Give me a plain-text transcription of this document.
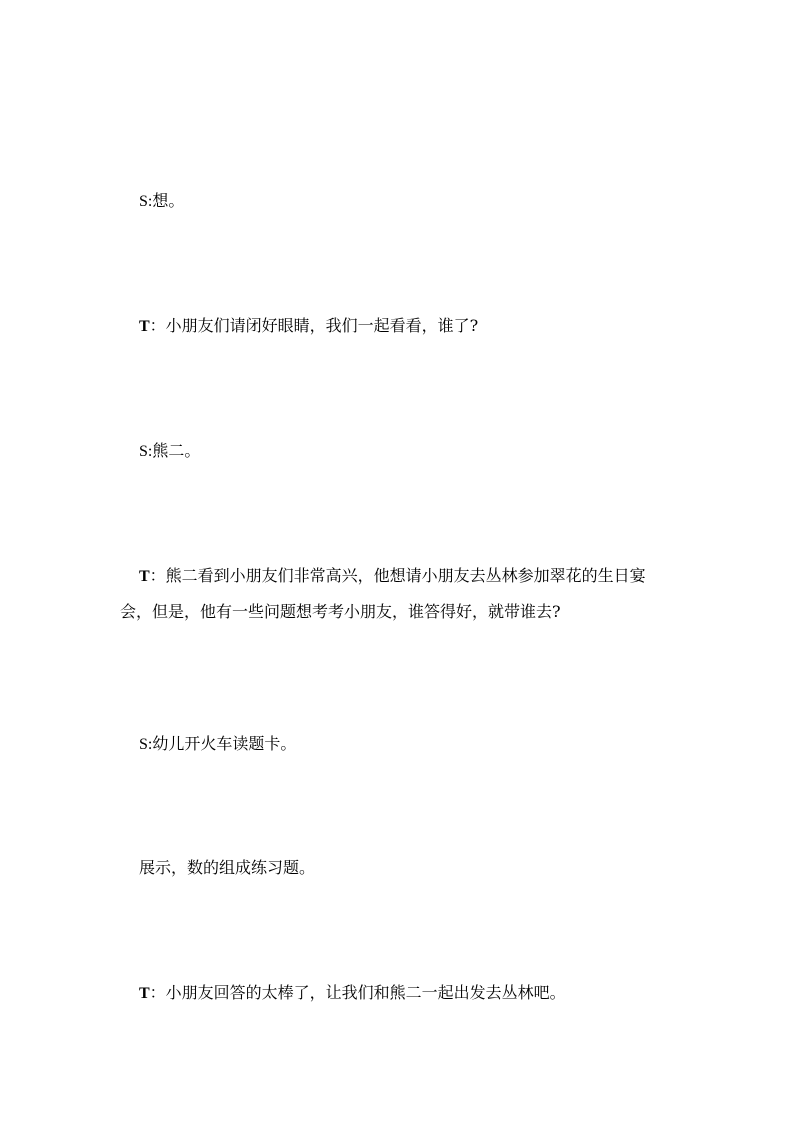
S:想。

T：小朋友们请闭好眼睛，我们一起看看，谁了?

S:熊二。

T：熊二看到小朋友们非常高兴，他想请小朋友去丛林参加翠花的生日宴会，但是，他有一些问题想考考小朋友，谁答得好，就带谁去?

S:幼儿开火车读题卡。

展示，数的组成练习题。

T：小朋友回答的太棒了，让我们和熊二一起出发去丛林吧。
